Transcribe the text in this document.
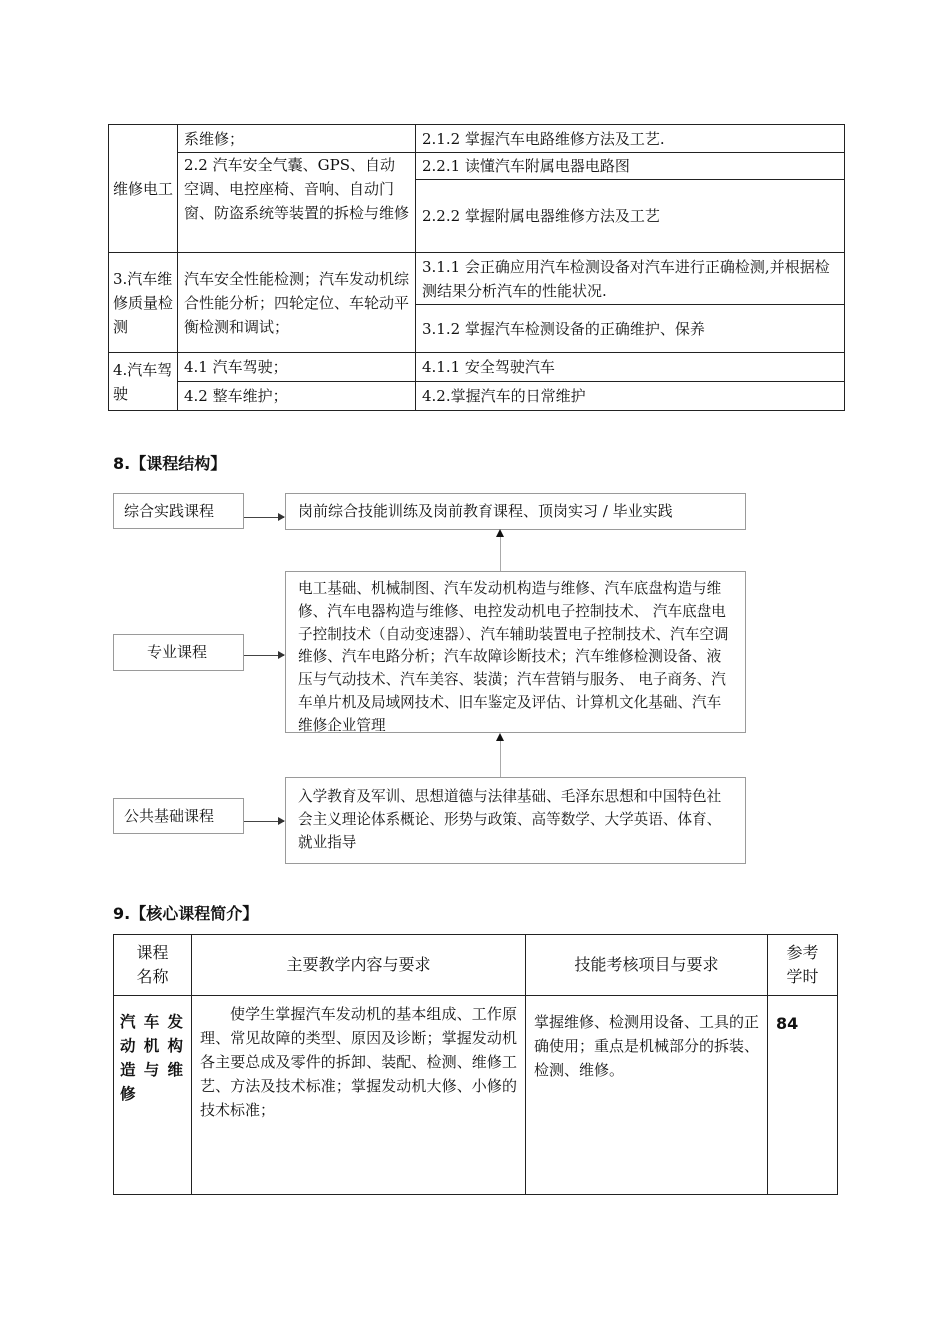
维修电工	系维修；	2.1.2 掌握汽车电路维修方法及工艺.
	2.2 汽车安全气囊、GPS、自动空调、电控座椅、音响、自动门窗、防盗系统等装置的拆检与维修	2.2.1 读懂汽车附属电器电路图
		2.2.2 掌握附属电器维修方法及工艺
3.汽车维修质量检测	汽车安全性能检测；汽车发动机综合性能分析；四轮定位、车轮动平衡检测和调试；	3.1.1 会正确应用汽车检测设备对汽车进行正确检测,并根据检测结果分析汽车的性能状况.
		3.1.2 掌握汽车检测设备的正确维护、保养
4.汽车驾驶	4.1 汽车驾驶；	4.1.1 安全驾驶汽车
	4.2 整车维护；	4.2.掌握汽车的日常维护
8.【课程结构】
综合实践课程	岗前综合技能训练及岗前教育课程、顶岗实习 / 毕业实践
专业课程
电工基础、机械制图、汽车发动机构造与维修、汽车底盘构造与维修、汽车电器构造与维修、电控发动机电子控制技术、 汽车底盘电子控制技术（自动变速器）、汽车辅助装置电子控制技术、汽车空调维修、汽车电路分析；汽车故障诊断技术；汽车维修检测设备、液压与气动技术、汽车美容、装潢；汽车营销与服务、 电子商务、汽车单片机及局域网技术、旧车鉴定及评估、计算机文化基础、汽车维修企业管理
公共基础课程
入学教育及军训、思想道德与法律基础、毛泽东思想和中国特色社会主义理论体系概论、形势与政策、高等数学、大学英语、体育、就业指导
9.【核心课程简介】
课程名称	主要教学内容与要求	技能考核项目与要求	参考学时
汽车发动机构造与维修	使学生掌握汽车发动机的基本组成、工作原理、常见故障的类型、原因及诊断；掌握发动机各主要总成及零件的拆卸、装配、检测、维修工艺、方法及技术标准；掌握发动机大修、小修的技术标准；	掌握维修、检测用设备、工具的正确使用；重点是机械部分的拆装、检测、维修。	84
